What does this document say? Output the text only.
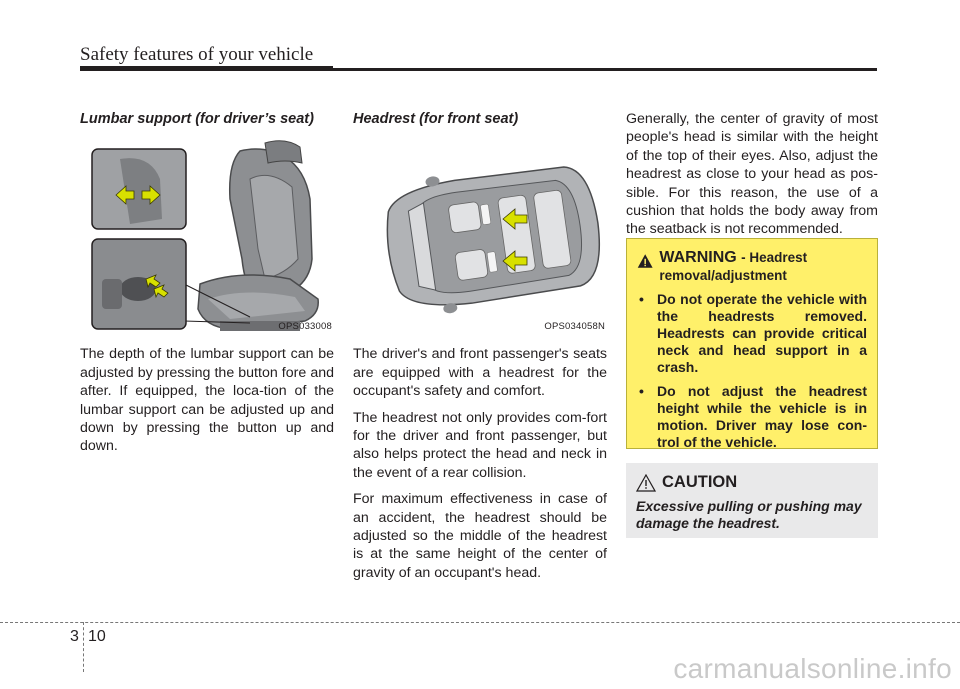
Safety features of your vehicle
Lumbar support (for driver’s seat)
OPS033008

The depth of the lumbar support can be adjusted by pressing the button fore and after. If equipped, the loca-tion of the lumbar support can be adjusted up and down by pressing the button up and down.

Headrest (for front seat)
OPS034058N

The driver's and front passenger's seats are equipped with a headrest for the occupant's safety and comfort.

The headrest not only provides com-fort for the driver and front passenger, but also helps protect the head and neck in the event of a rear collision.

For maximum effectiveness in case of an accident, the headrest should be adjusted so the middle of the headrest is at the same height of the center of gravity of an occupant's head.

Generally, the center of gravity of most people's head is similar with the height of the top of their eyes. Also, adjust the headrest as close to your head as pos-sible. For this reason, the use of a cushion that holds the body away from the seatback is not recommended.

WARNING - Headrest removal/adjustment
• Do not operate the vehicle with the headrests removed. Headrests can provide critical neck and head support in a crash.
• Do not adjust the headrest height while the vehicle is in motion. Driver may lose con-trol of the vehicle.
CAUTION
Excessive pulling or pushing may damage the headrest.
3 10
carmanualsonline.info
